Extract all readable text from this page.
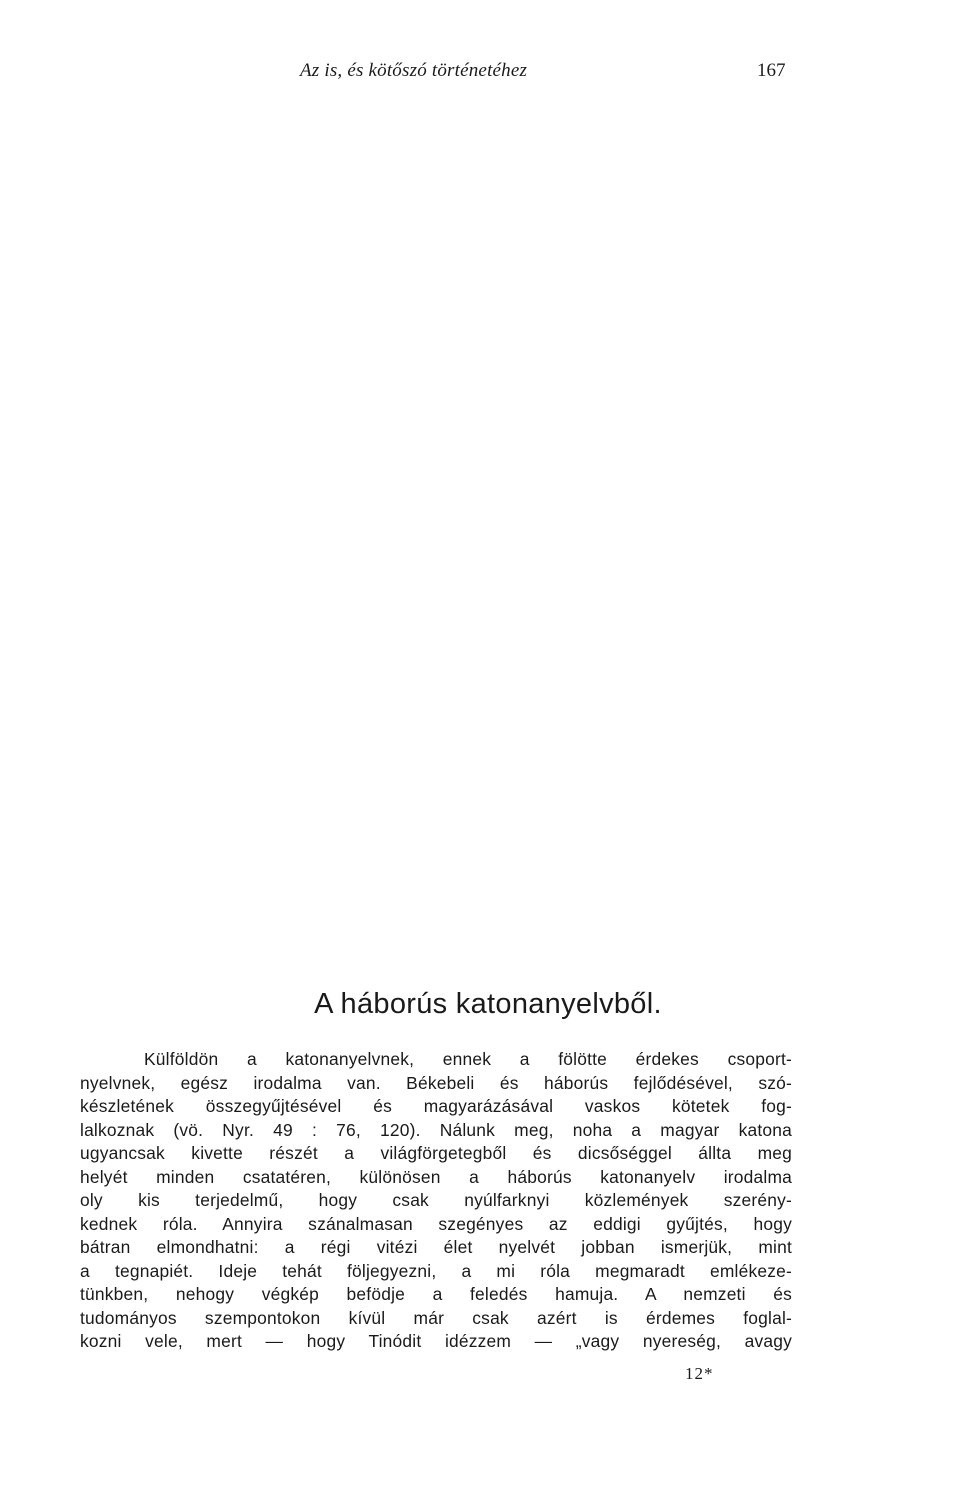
Az is, és kötőszó történetéhez	167
A háborús katonanyelvből.
Külföldön a katonanyelvnek, ennek a fölötte érdekes csoport-
nyelvnek, egész irodalma van. Békebeli és háborús fejlődésével, szó-
készletének összegyűjtésével és magyarázásával vaskos kötetek fog-
lalkoznak (vö. Nyr. 49 : 76, 120). Nálunk meg, noha a magyar katona
ugyancsak kivette részét a világförgetegből és dicsőséggel állta meg
helyét minden csatatéren, különösen a háborús katonanyelv irodalma
oly kis terjedelmű, hogy csak nyúlfarknyi közlemények szerény-
kednek róla. Annyira szánalmasan szegényes az eddigi gyűjtés, hogy
bátran elmondhatni: a régi vitézi élet nyelvét jobban ismerjük, mint
a tegnapiét. Ideje tehát följegyezni, a mi róla megmaradt emlékeze-
tünkben, nehogy végkép befödje a feledés hamuja. A nemzeti és
tudományos szempontokon kívül már csak azért is érdemes foglal-
kozni vele, mert — hogy Tinódit idézzem — „vagy nyereség, avagy
12*
